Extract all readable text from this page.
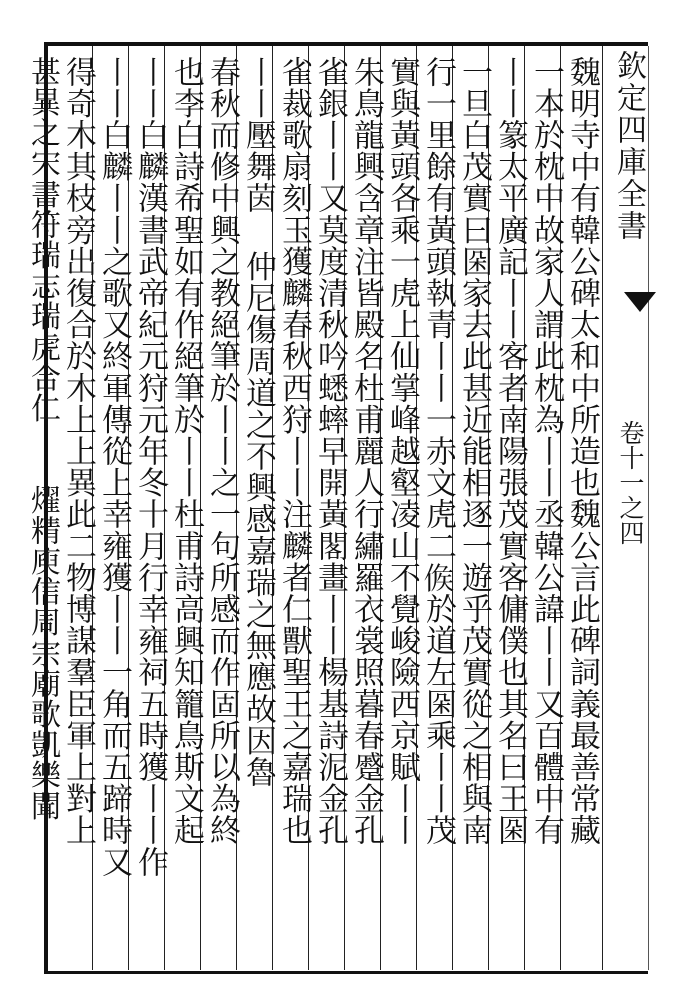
欽定四庫全書
卷十一之四
魏明寺中有韓公碑太和中所造也魏公言此碑詞義最善常藏
一本於枕中故家人謂此枕為丨丨丞韓公諱丨丨又百體中有
丨丨篆太平廣記丨丨客者南陽張茂實客傭僕也其名曰王𡇙
一旦白茂實曰𡇙家去此甚近能相逐一遊乎茂實從之相與南
行一里餘有黃頭執青丨丨一赤文虎二𠊱於道左𡇙乘丨丨茂
實與黃頭各乘一虎上仙掌峰越壑凌山不覺峻險西京賦丨丨
朱鳥龍興含章注皆殿名杜甫麗人行繡羅衣裳照暮春蹙金孔
雀銀丨丨又莫度清秋吟蟋蟀早開黃閣畫丨丨楊基詩泥金孔
雀裁歌扇刻玉獲麟春秋西狩丨丨注麟者仁獸聖王之嘉瑞也
丨丨壓舞茵 仲尼傷周道之不興感嘉瑞之無應故因魯
春秋而修中興之教絕筆於丨丨之一句所感而作固所以為終
也李白詩希聖如有作絕筆於丨丨杜甫詩高興知籠鳥斯文起
丨丨白麟漢書武帝紀元狩元年冬十月行幸雍祠五時獲丨丨作
丨丨白麟丨丨之歌又終軍傳從上幸雍獲丨丨一角而五蹄時又
得奇木其枝旁出復合於木上上異此二物博謀羣臣軍上對上
甚異之宋書符瑞志瑞虎合仁丨丨燿精庾信周宗廟歌凱樂聞
